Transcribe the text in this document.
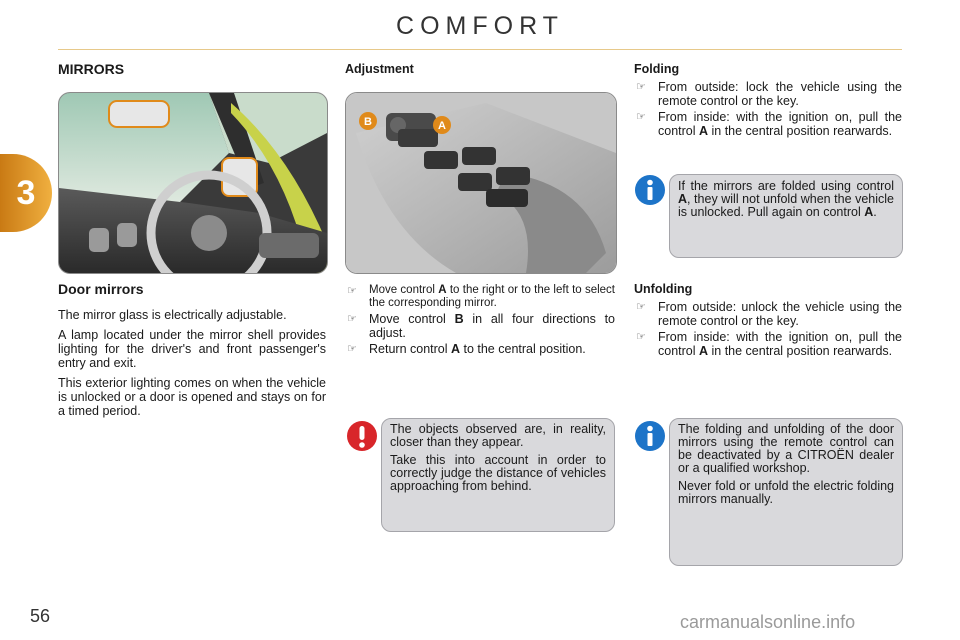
COMFORT
3
56	carmanualsonline.info
MIRRORS
Door mirrors

The mirror glass is electrically adjustable.

A lamp located under the mirror shell provides lighting for the driver's and front passenger's entry and exit.

This exterior lighting comes on when the vehicle is unlocked or a door is opened and stays on for a timed period.

Adjustment
B	A
☞	Move control A to the right or to the left to select the corresponding mirror.
☞ Move control B in all four directions to adjust.
☞ Return control A to the central position.

The objects observed are, in reality, closer than they appear.

Take this into account in order to correctly judge the distance of vehicles approaching from behind.

Folding
☞ From outside: lock the vehicle using the remote control or the key.
☞ From inside: with the ignition on, pull the control A in the central position rearwards.
If the mirrors are folded using control A, they will not unfold when the vehicle is unlocked. Pull again on control A.
Unfolding
☞ From outside: unlock the vehicle using the remote control or the key.
☞ From inside: with the ignition on, pull the control A in the central position rearwards.

The folding and unfolding of the door mirrors using the remote control can be deactivated by a CITROËN dealer or a qualified workshop.

Never fold or unfold the electric folding mirrors manually.
